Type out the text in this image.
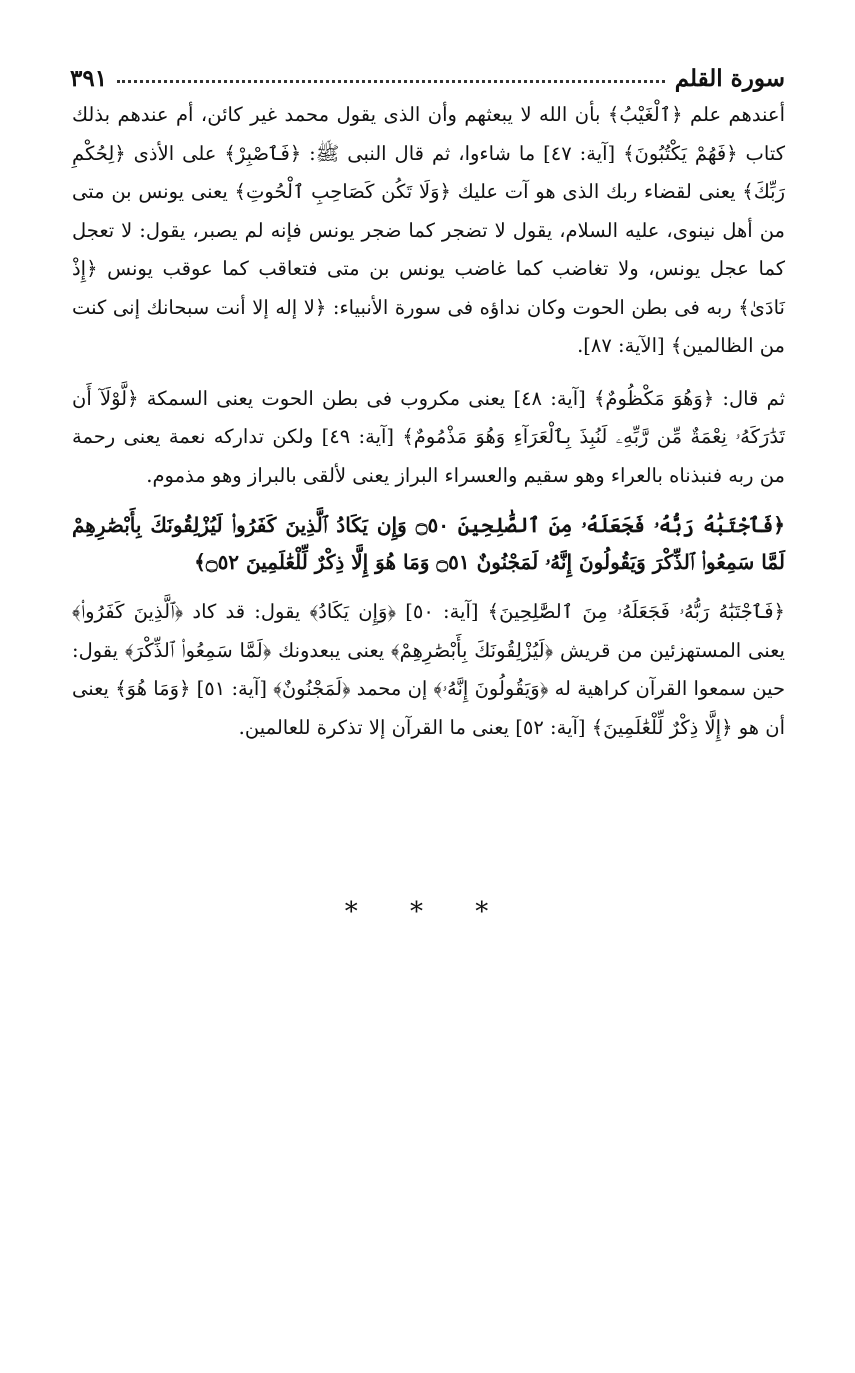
سورة القلم
٣٩١

أعندهم علم ﴿ٱلْغَيْبُ﴾ بأن الله لا يبعثهم وأن الذى يقول محمد غير كائن، أم عندهم بذلك كتاب ﴿فَهُمْ يَكْتُبُونَ﴾ [آية: ٤٧] ما شاءوا، ثم قال النبى ﷺ: ﴿فَٱصْبِرْ﴾ على الأذى ﴿لِحُكْمِ رَبِّكَ﴾ يعنى لقضاء ربك الذى هو آت عليك ﴿وَلَا تَكُن كَصَاحِبِ ٱلْحُوتِ﴾ يعنى يونس بن متى من أهل نينوى، عليه السلام، يقول لا تضجر كما ضجر يونس فإنه لم يصبر، يقول: لا تعجل كما عجل يونس، ولا تغاضب كما غاضب يونس بن متى فتعاقب كما عوقب يونس ﴿إِذْ نَادَىٰ﴾ ربه فى بطن الحوت وكان نداؤه فى سورة الأنبياء: ﴿لا إله إلا أنت سبحانك إنى كنت من الظالمين﴾ [الآية: ٨٧].

ثم قال: ﴿وَهُوَ مَكْظُومٌ﴾ [آية: ٤٨] يعنى مكروب فى بطن الحوت يعنى السمكة ﴿لَّوْلَآ أَن تَدَٰرَكَهُۥ نِعْمَةٌ مِّن رَّبِّهِۦ لَنُبِذَ بِٱلْعَرَآءِ وَهُوَ مَذْمُومٌ﴾ [آية: ٤٩] ولكن تداركه نعمة يعنى رحمة من ربه فنبذناه بالعراء وهو سقيم والعسراء البراز يعنى لألقى بالبراز وهو مذموم.

﴿فَٱجْتَبَٰهُ رَبُّهُۥ فَجَعَلَهُۥ مِنَ ٱلصَّٰلِحِينَ ۝٥٠ وَإِن يَكَادُ ٱلَّذِينَ كَفَرُوا۟ لَيُزْلِقُونَكَ بِأَبْصَٰرِهِمْ لَمَّا سَمِعُوا۟ ٱلذِّكْرَ وَيَقُولُونَ إِنَّهُۥ لَمَجْنُونٌ ۝٥١ وَمَا هُوَ إِلَّا ذِكْرٌ لِّلْعَٰلَمِينَ ۝٥٢﴾

﴿فَٱجْتَبَٰهُ رَبُّهُۥ فَجَعَلَهُۥ مِنَ ٱلصَّٰلِحِينَ﴾ [آية: ٥٠] ﴿وَإِن يَكَادُ﴾ يقول: قد كاد ﴿ٱلَّذِينَ كَفَرُوا۟﴾ يعنى المستهزئين من قريش ﴿لَيُزْلِقُونَكَ بِأَبْصَٰرِهِمْ﴾ يعنى يبعدونك ﴿لَمَّا سَمِعُوا۟ ٱلذِّكْرَ﴾ يقول: حين سمعوا القرآن كراهية له ﴿وَيَقُولُونَ إِنَّهُۥ﴾ إن محمد ﴿لَمَجْنُونٌ﴾ [آية: ٥١] ﴿وَمَا هُوَ﴾ يعنى أن هو ﴿إِلَّا ذِكْرٌ لِّلْعَٰلَمِينَ﴾ [آية: ٥٢] يعنى ما القرآن إلا تذكرة للعالمين.

* * *
